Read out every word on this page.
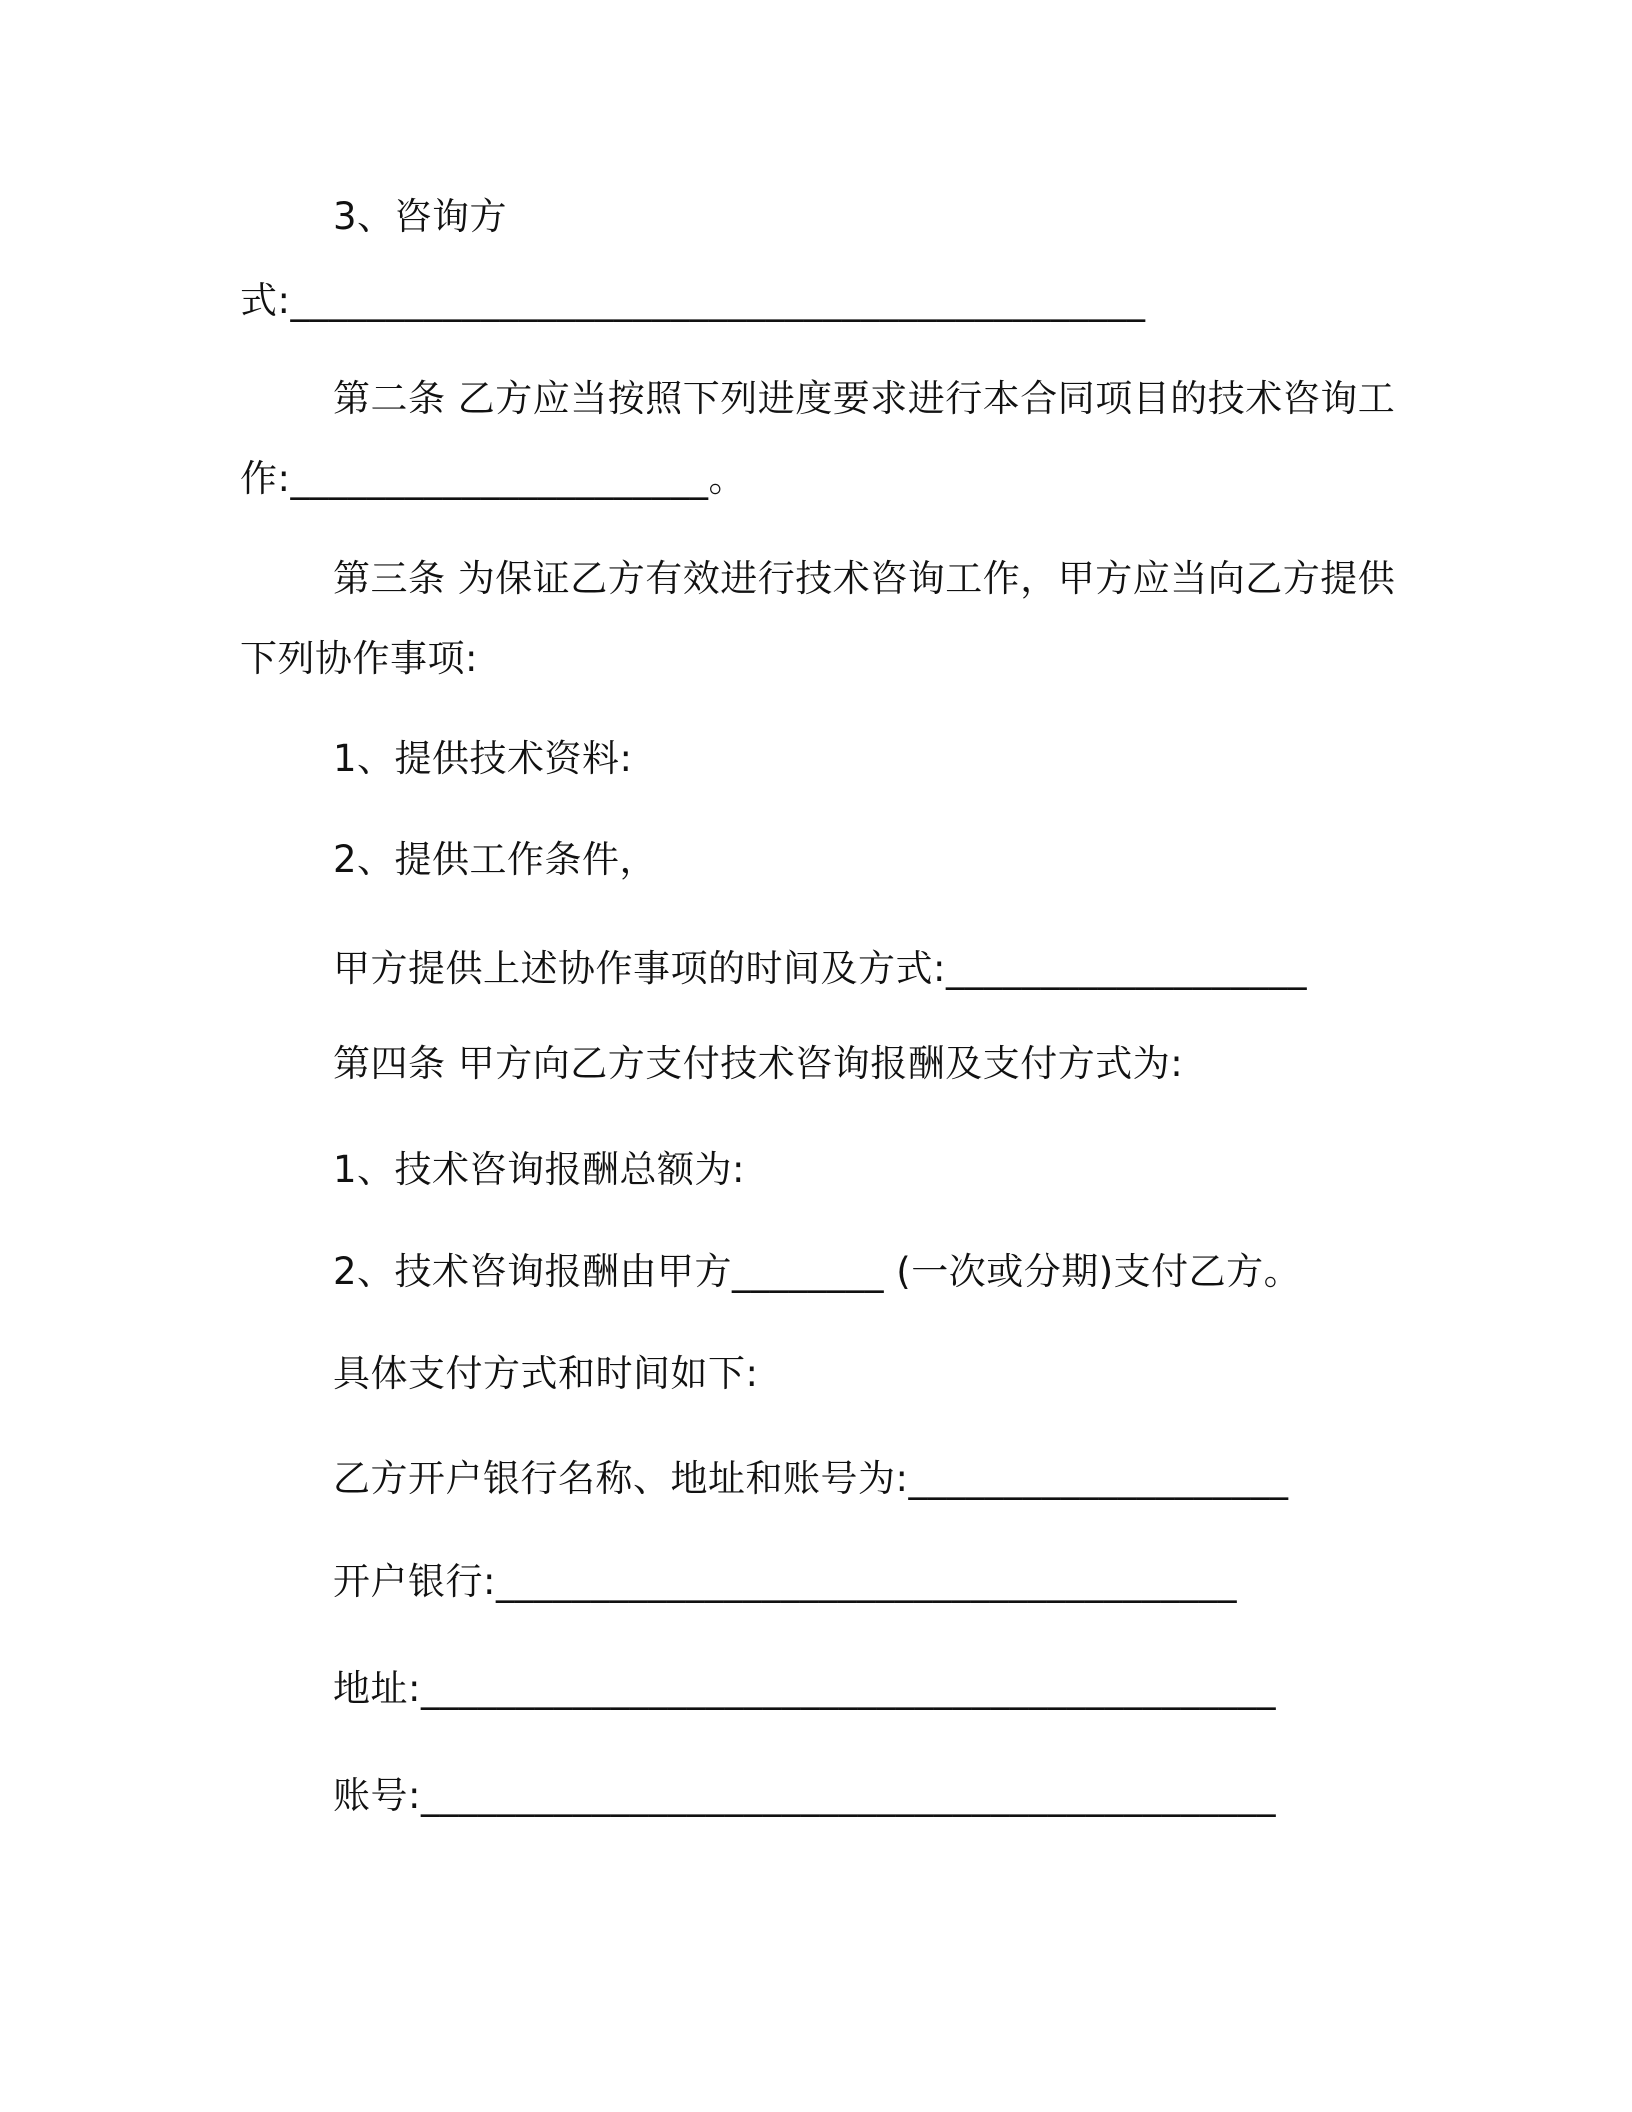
3、咨询方
式:_____________________________________________
第二条 乙方应当按照下列进度要求进行本合同项目的技术咨询工
作:______________________。
第三条 为保证乙方有效进行技术咨询工作，甲方应当向乙方提供
下列协作事项:
1、提供技术资料:
2、提供工作条件，
甲方提供上述协作事项的时间及方式:___________________
第四条 甲方向乙方支付技术咨询报酬及支付方式为:
1、技术咨询报酬总额为:
2、技术咨询报酬由甲方________ (一次或分期)支付乙方。
具体支付方式和时间如下:
乙方开户银行名称、地址和账号为:____________________
开户银行:_______________________________________
地址:_____________________________________________
账号:_____________________________________________
